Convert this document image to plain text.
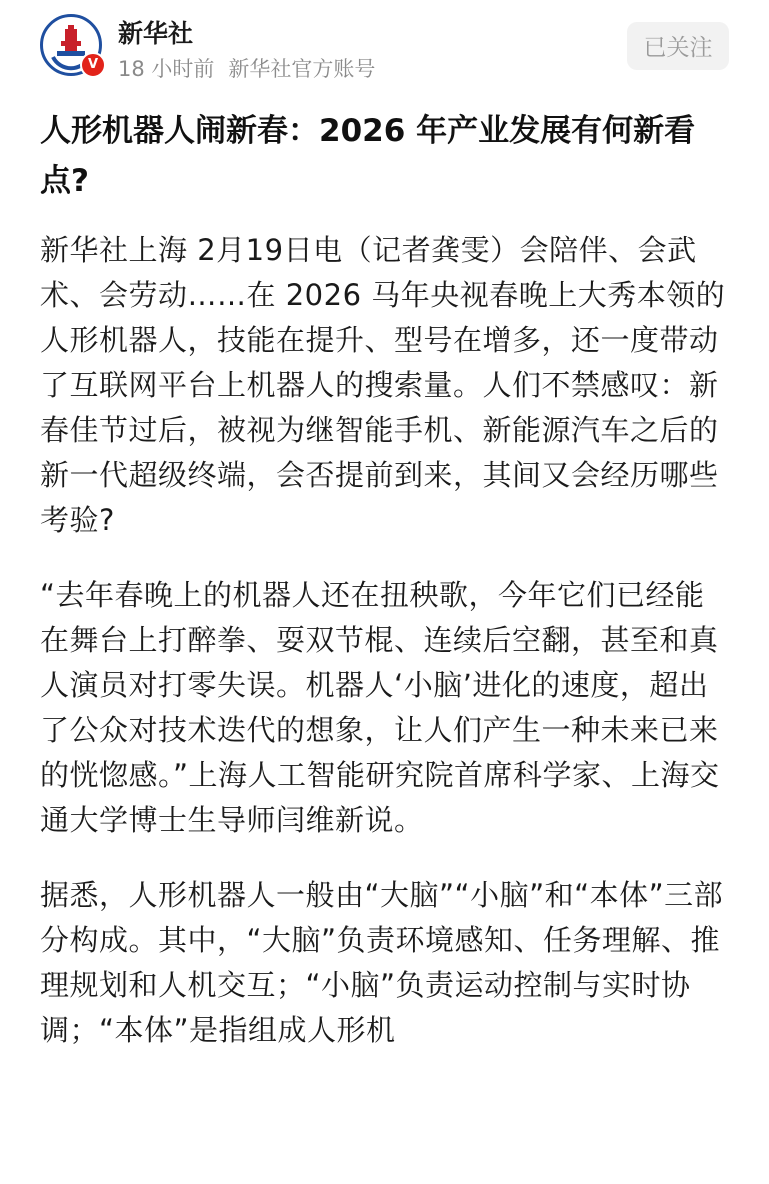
V
新华社
18 小时前 新华社官方账号
已关注
人形机器人闹新春：2026 年产业发展有何新看点?

新华社上海 2月19日电（记者龚雯）会陪伴、会武术、会劳动……在 2026 马年央视春晚上大秀本领的人形机器人，技能在提升、型号在增多，还一度带动了互联网平台上机器人的搜索量。人们不禁感叹：新春佳节过后，被视为继智能手机、新能源汽车之后的新一代超级终端，会否提前到来，其间又会经历哪些考验?

“去年春晚上的机器人还在扭秧歌，今年它们已经能在舞台上打醉拳、耍双节棍、连续后空翻，甚至和真人演员对打零失误。机器人‘小脑’进化的速度，超出了公众对技术迭代的想象，让人们产生一种未来已来的恍惚感。”上海人工智能研究院首席科学家、上海交通大学博士生导师闫维新说。

据悉，人形机器人一般由“大脑”“小脑”和“本体”三部分构成。其中，“大脑”负责环境感知、任务理解、推理规划和人机交互；“小脑”负责运动控制与实时协调；“本体”是指组成人形机
